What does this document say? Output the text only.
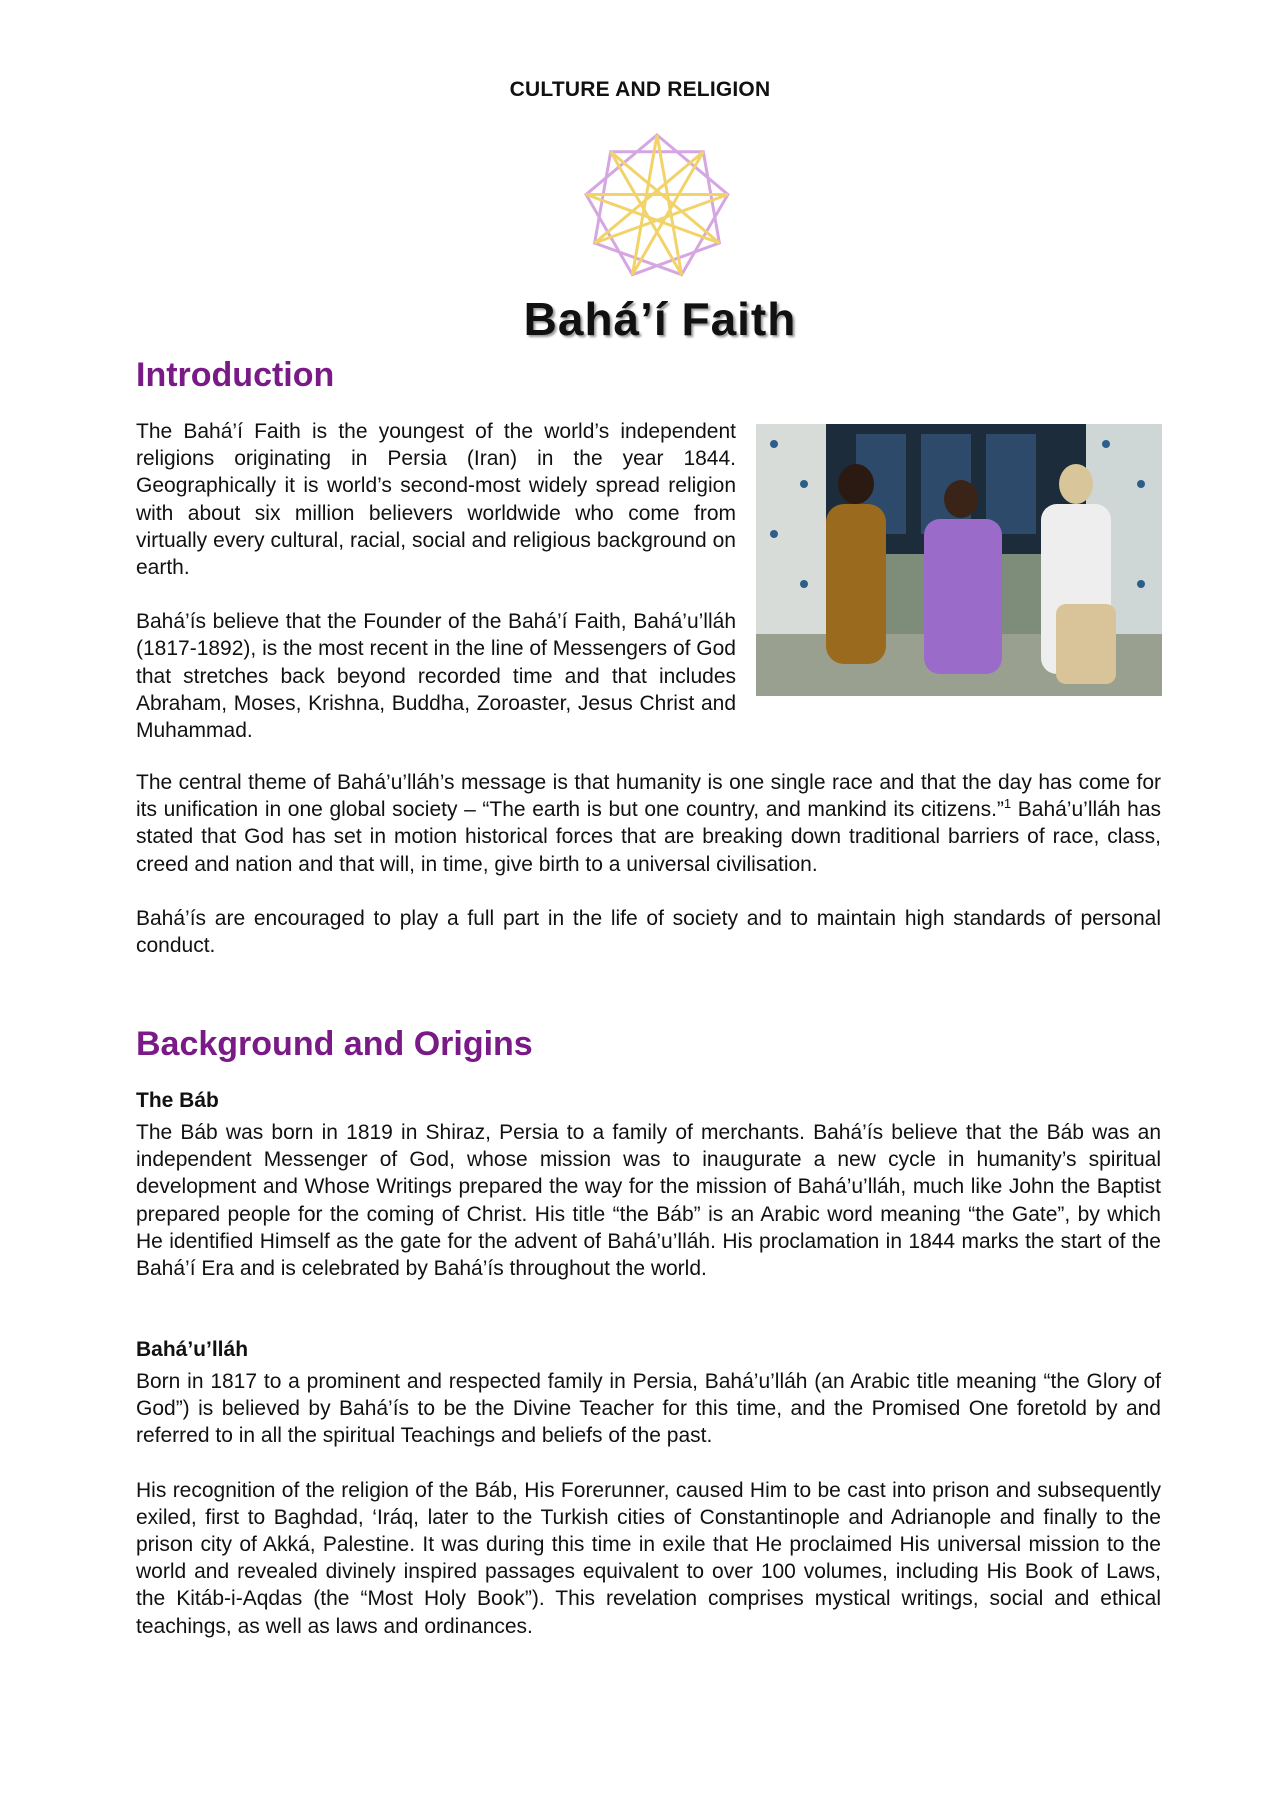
CULTURE AND RELIGION
Bahá’í Faith
Introduction

The Bahá’í Faith is the youngest of the world’s independent religions originating in Persia (Iran) in the year 1844. Geographically it is world’s second-most widely spread religion with about six million believers worldwide who come from virtually every cultural, racial, social and religious background on earth.

Bahá’ís believe that the Founder of the Bahá’í Faith, Bahá’u’lláh (1817-1892), is the most recent in the line of Messengers of God that stretches back beyond recorded time and that includes Abraham, Moses, Krishna, Buddha, Zoroaster, Jesus Christ and Muhammad.

The central theme of Bahá’u’lláh’s message is that humanity is one single race and that the day has come for its unification in one global society – “The earth is but one country, and mankind its citizens.”$^1$ Bahá’u’lláh has stated that God has set in motion historical forces that are breaking down traditional barriers of race, class, creed and nation and that will, in time, give birth to a universal civilisation.

Bahá’ís are encouraged to play a full part in the life of society and to maintain high standards of personal conduct.

Background and Origins
The Báb

The Báb was born in 1819 in Shiraz, Persia to a family of merchants. Bahá’ís believe that the Báb was an independent Messenger of God, whose mission was to inaugurate a new cycle in humanity’s spiritual development and Whose Writings prepared the way for the mission of Bahá’u’lláh, much like John the Baptist prepared people for the coming of Christ. His title “the Báb” is an Arabic word meaning “the Gate”, by which He identified Himself as the gate for the advent of Bahá’u’lláh. His proclamation in 1844 marks the start of the Bahá’í Era and is celebrated by Bahá’ís throughout the world.

Bahá’u’lláh

Born in 1817 to a prominent and respected family in Persia, Bahá’u’lláh (an Arabic title meaning “the Glory of God”) is believed by Bahá’ís to be the Divine Teacher for this time, and the Promised One foretold by and referred to in all the spiritual Teachings and beliefs of the past.

His recognition of the religion of the Báb, His Forerunner, caused Him to be cast into prison and subsequently exiled, first to Baghdad, ‘Iráq, later to the Turkish cities of Constantinople and Adrianople and finally to the prison city of Akká, Palestine. It was during this time in exile that He proclaimed His universal mission to the world and revealed divinely inspired passages equivalent to over 100 volumes, including His Book of Laws, the Kitáb-i-Aqdas (the “Most Holy Book”). This revelation comprises mystical writings, social and ethical teachings, as well as laws and ordinances.
